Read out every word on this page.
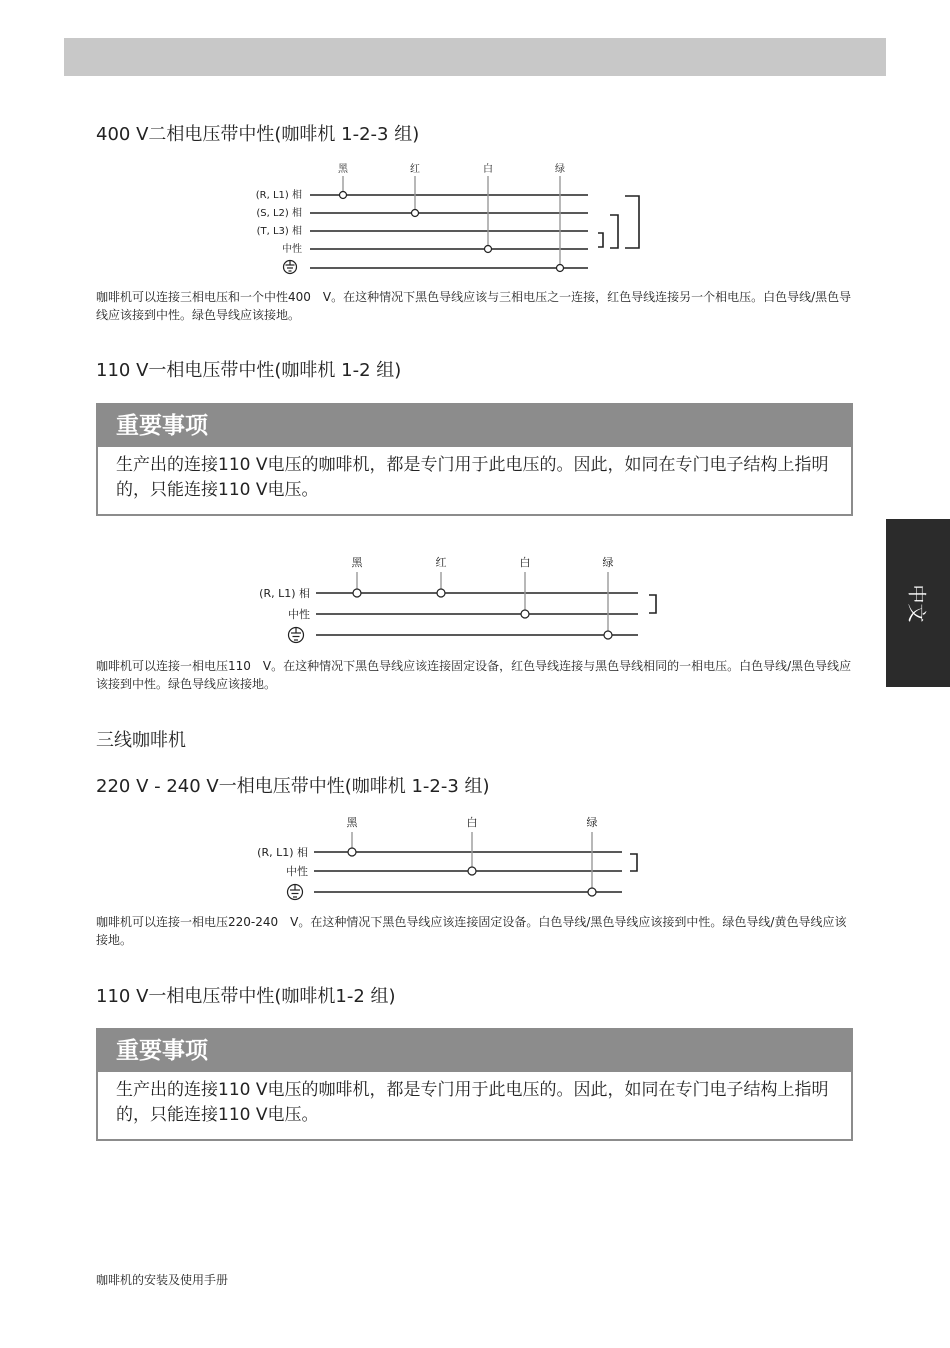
中文
400 V二相电压带中性(咖啡机 1-2-3 组)
黑	红	白	绿
(R, L1) 相
(S, L2) 相
(T, L3) 相
中性
咖啡机可以连接三相电压和一个中性400　V。在这种情况下黑色导线应该与三相电压之一连接，红色导线连接另一个相电压。白色导线/黑色导线应该接到中性。绿色导线应该接地。
110 V一相电压带中性(咖啡机 1-2 组)
重要事项
生产出的连接110 V电压的咖啡机，都是专门用于此电压的。因此，如同在专门电子结构上指明的，只能连接110 V电压。
黑	红	白	绿
(R, L1) 相
中性
咖啡机可以连接一相电压110　V。在这种情况下黑色导线应该连接固定设备，红色导线连接与黑色导线相同的一相电压。白色导线/黑色导线应该接到中性。绿色导线应该接地。
三线咖啡机
220 V - 240 V一相电压带中性(咖啡机 1-2-3 组)
黑	白	绿
(R, L1) 相
中性
咖啡机可以连接一相电压220-240　V。在这种情况下黑色导线应该连接固定设备。白色导线/黑色导线应该接到中性。绿色导线/黄色导线应该接地。
110 V一相电压带中性(咖啡机1-2 组)
重要事项
生产出的连接110 V电压的咖啡机，都是专门用于此电压的。因此，如同在专门电子结构上指明的，只能连接110 V电压。
咖啡机的安装及使用手册
